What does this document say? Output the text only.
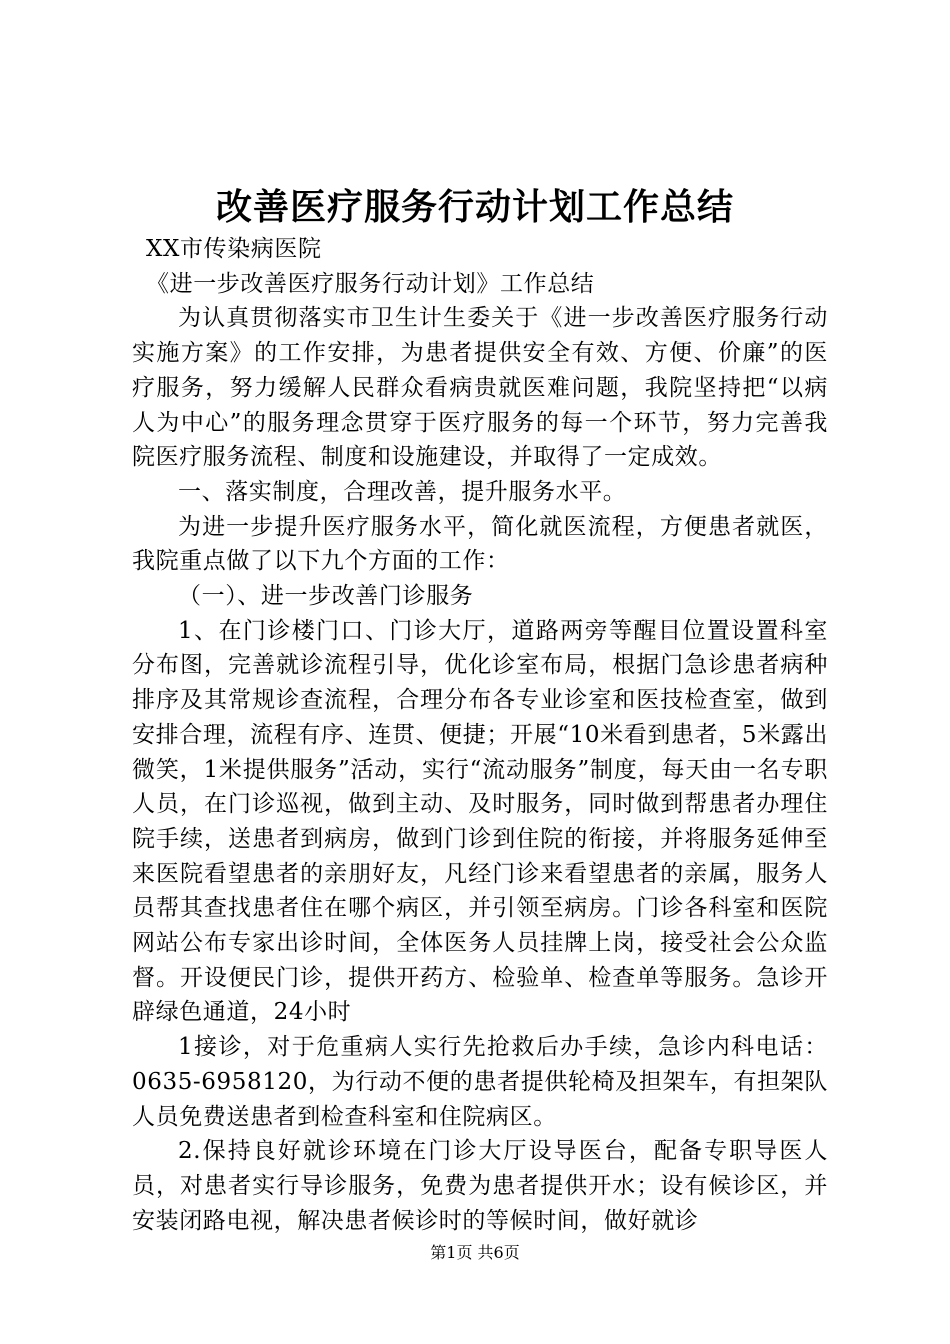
改善医疗服务行动计划工作总结

XX市传染病医院

《进一步改善医疗服务行动计划》工作总结

为认真贯彻落实市卫生计生委关于《进一步改善医疗服务行动实施方案》的工作安排，为患者提供安全有效、方便、价廉”的医疗服务，努力缓解人民群众看病贵就医难问题，我院坚持把“以病人为中心”的服务理念贯穿于医疗服务的每一个环节，努力完善我院医疗服务流程、制度和设施建设，并取得了一定成效。

一、落实制度，合理改善，提升服务水平。

为进一步提升医疗服务水平，简化就医流程，方便患者就医，我院重点做了以下九个方面的工作：

（一）、进一步改善门诊服务

1、在门诊楼门口、门诊大厅，道路两旁等醒目位置设置科室分布图，完善就诊流程引导，优化诊室布局，根据门急诊患者病种排序及其常规诊查流程，合理分布各专业诊室和医技检查室，做到安排合理，流程有序、连贯、便捷；开展“10米看到患者，5米露出微笑，1米提供服务”活动，实行“流动服务”制度，每天由一名专职人员，在门诊巡视，做到主动、及时服务，同时做到帮患者办理住院手续，送患者到病房，做到门诊到住院的衔接，并将服务延伸至来医院看望患者的亲朋好友，凡经门诊来看望患者的亲属，服务人员帮其查找患者住在哪个病区，并引领至病房。门诊各科室和医院网站公布专家出诊时间，全体医务人员挂牌上岗，接受社会公众监督。开设便民门诊，提供开药方、检验单、检查单等服务。急诊开辟绿色通道，24小时

1接诊，对于危重病人实行先抢救后办手续，急诊内科电话：0635-6958120，为行动不便的患者提供轮椅及担架车，有担架队人员免费送患者到检查科室和住院病区。

2.保持良好就诊环境在门诊大厅设导医台，配备专职导医人员，对患者实行导诊服务，免费为患者提供开水；设有候诊区，并安装闭路电视，解决患者候诊时的等候时间，做好就诊

第1页 共6页
